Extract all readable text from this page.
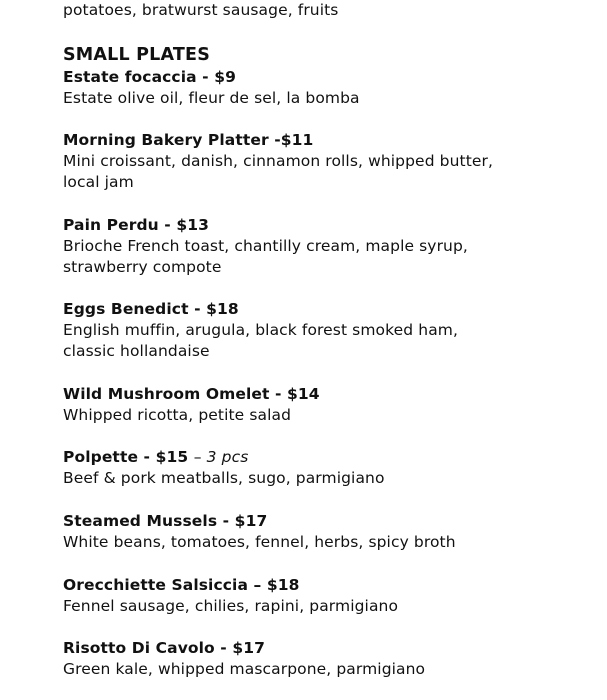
potatoes, bratwurst sausage, fruits
SMALL PLATES
Estate focaccia - $9
Estate olive oil, fleur de sel, la bomba
Morning Bakery Platter -$11
Mini croissant, danish, cinnamon rolls, whipped butter, local jam
Pain Perdu - $13
Brioche French toast, chantilly cream, maple syrup, strawberry compote
Eggs Benedict - $18
English muffin, arugula, black forest smoked ham, classic hollandaise
Wild Mushroom Omelet - $14
Whipped ricotta, petite salad
Polpette - $15 – 3 pcs
Beef & pork meatballs, sugo, parmigiano
Steamed Mussels - $17
White beans, tomatoes, fennel, herbs, spicy broth
Orecchiette Salsiccia – $18
Fennel sausage, chilies, rapini, parmigiano
Risotto Di Cavolo - $17
Green kale, whipped mascarpone, parmigiano
